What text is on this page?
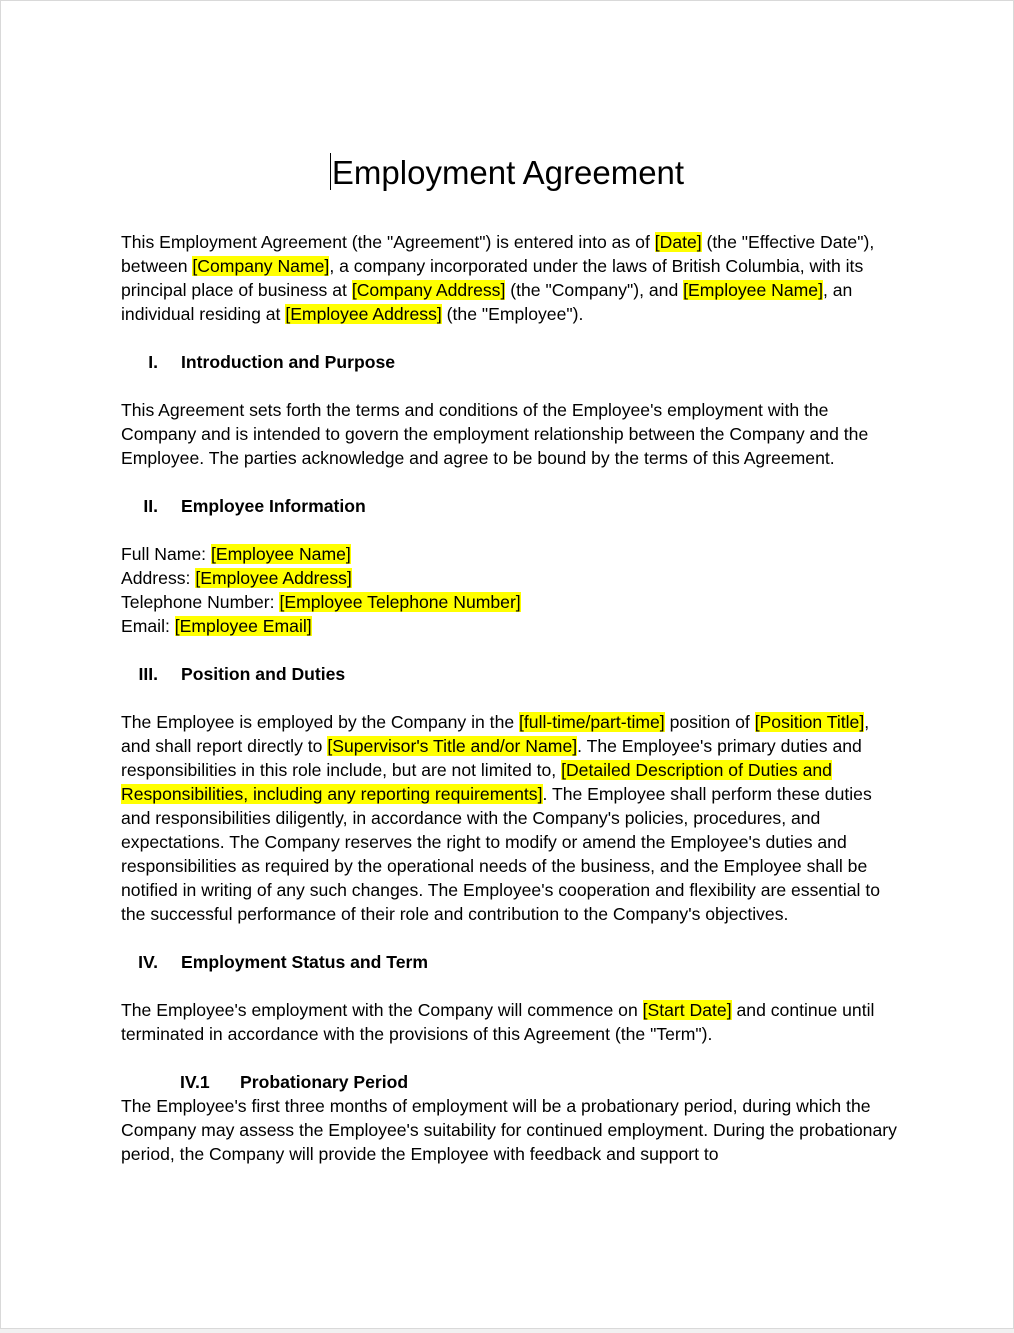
Employment Agreement

This Employment Agreement (the "Agreement") is entered into as of [Date] (the "Effective Date"), between [Company Name], a company incorporated under the laws of British Columbia, with its principal place of business at [Company Address] (the "Company"), and [Employee Name], an individual residing at [Employee Address] (the "Employee").

I. Introduction and Purpose

This Agreement sets forth the terms and conditions of the Employee's employment with the Company and is intended to govern the employment relationship between the Company and the Employee. The parties acknowledge and agree to be bound by the terms of this Agreement.

II. Employee Information
Full Name: [Employee Name]
Address: [Employee Address]
Telephone Number: [Employee Telephone Number]
Email: [Employee Email]
III. Position and Duties

The Employee is employed by the Company in the [full-time/part-time] position of [Position Title], and shall report directly to [Supervisor's Title and/or Name]. The Employee's primary duties and responsibilities in this role include, but are not limited to, [Detailed Description of Duties and Responsibilities, including any reporting requirements]. The Employee shall perform these duties and responsibilities diligently, in accordance with the Company's policies, procedures, and expectations. The Company reserves the right to modify or amend the Employee's duties and responsibilities as required by the operational needs of the business, and the Employee shall be notified in writing of any such changes. The Employee's cooperation and flexibility are essential to the successful performance of their role and contribution to the Company's objectives.

IV. Employment Status and Term

The Employee's employment with the Company will commence on [Start Date] and continue until terminated in accordance with the provisions of this Agreement (the "Term").

IV.1 Probationary Period

The Employee's first three months of employment will be a probationary period, during which the Company may assess the Employee's suitability for continued employment. During the probationary period, the Company will provide the Employee with feedback and support to
